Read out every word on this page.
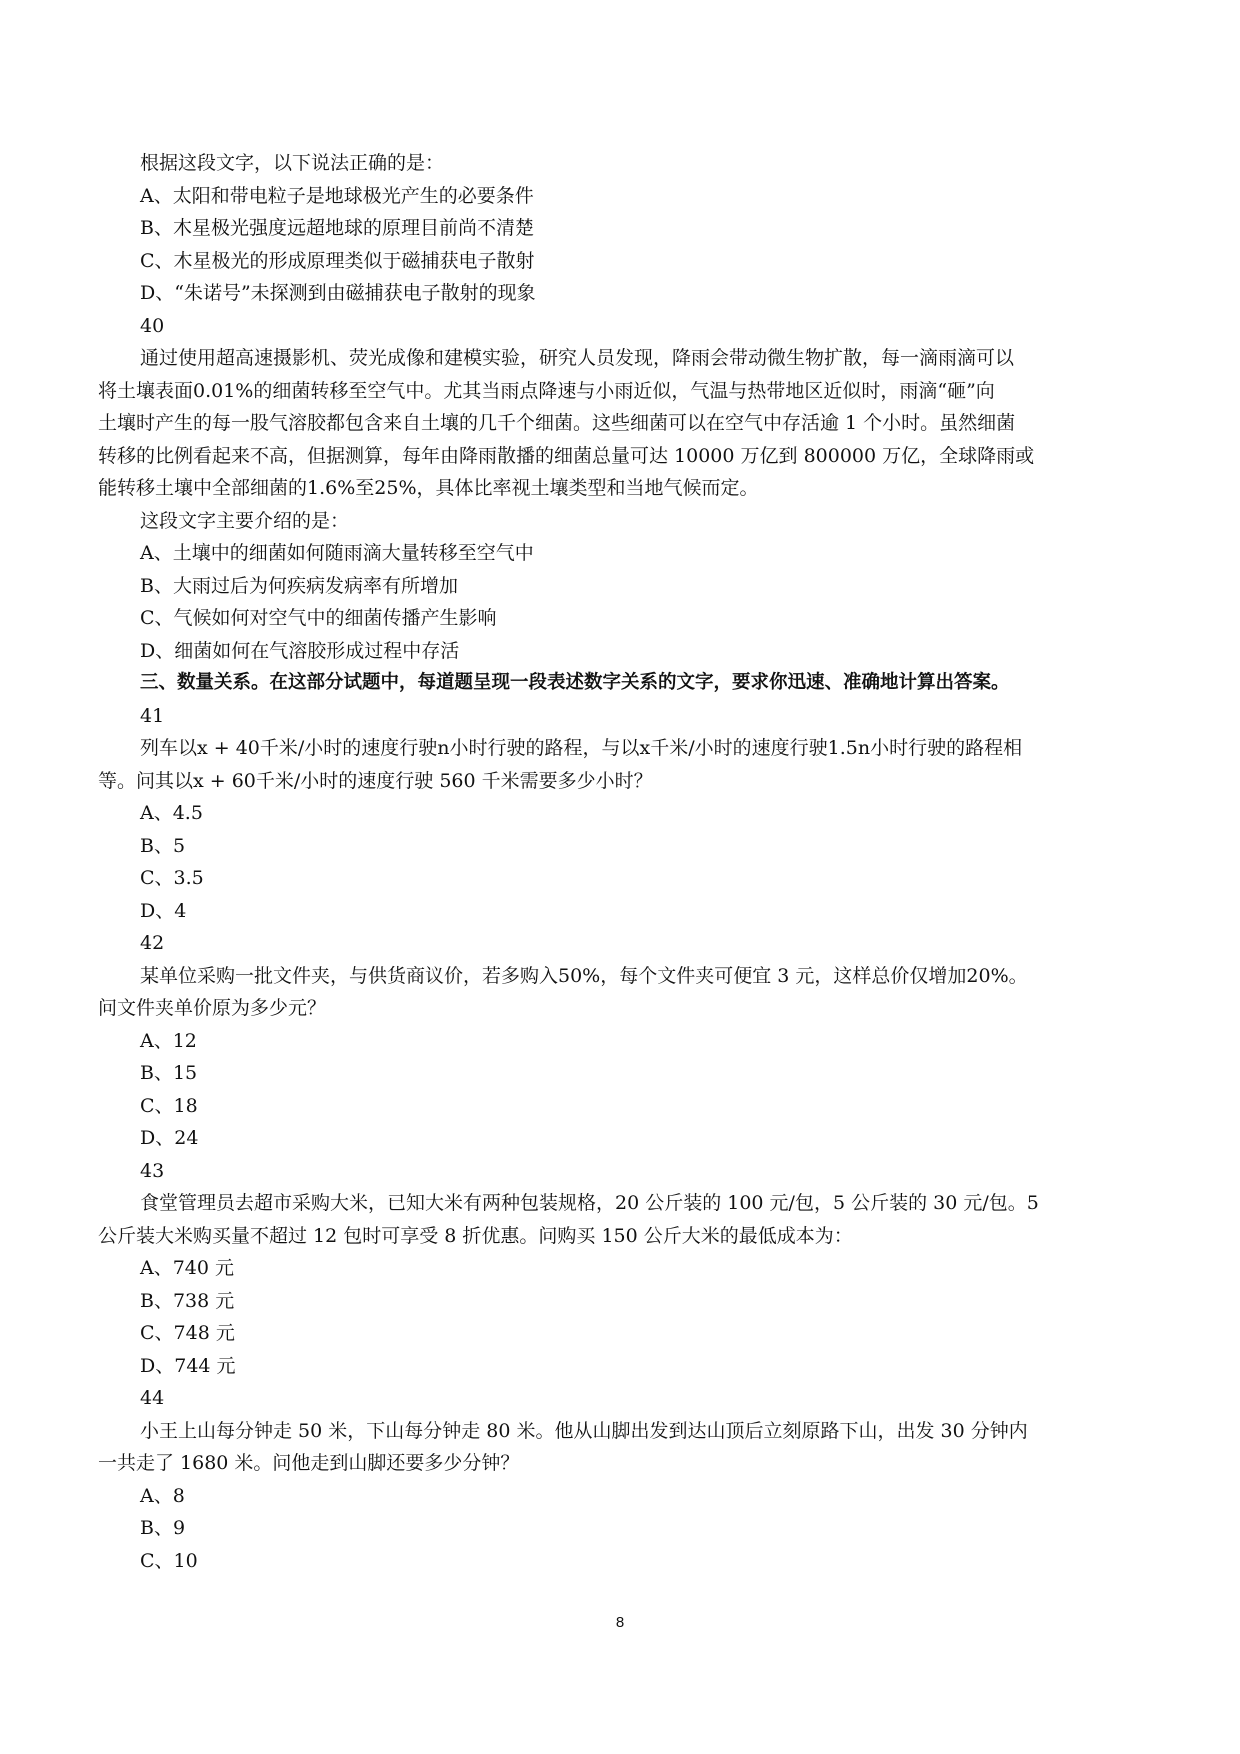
根据这段文字，以下说法正确的是：
A、太阳和带电粒子是地球极光产生的必要条件
B、木星极光强度远超地球的原理目前尚不清楚
C、木星极光的形成原理类似于磁捕获电子散射
D、“朱诺号”未探测到由磁捕获电子散射的现象
40
通过使用超高速摄影机、荧光成像和建模实验，研究人员发现，降雨会带动微生物扩散，每一滴雨滴可以
将土壤表面0.01%的细菌转移至空气中。尤其当雨点降速与小雨近似，气温与热带地区近似时，雨滴“砸”向
土壤时产生的每一股气溶胶都包含来自土壤的几千个细菌。这些细菌可以在空气中存活逾 1 个小时。虽然细菌
转移的比例看起来不高，但据测算，每年由降雨散播的细菌总量可达 10000 万亿到 800000 万亿，全球降雨或
能转移土壤中全部细菌的1.6%至25%，具体比率视土壤类型和当地气候而定。
这段文字主要介绍的是：
A、土壤中的细菌如何随雨滴大量转移至空气中
B、大雨过后为何疾病发病率有所增加
C、气候如何对空气中的细菌传播产生影响
D、细菌如何在气溶胶形成过程中存活
三、数量关系。在这部分试题中，每道题呈现一段表述数字关系的文字，要求你迅速、准确地计算出答案。
41
列车以x + 40千米/小时的速度行驶n小时行驶的路程，与以x千米/小时的速度行驶1.5n小时行驶的路程相
等。问其以x + 60千米/小时的速度行驶 560 千米需要多少小时？
A、4.5
B、5
C、3.5
D、4
42
某单位采购一批文件夹，与供货商议价，若多购入50%，每个文件夹可便宜 3 元，这样总价仅增加20%。
问文件夹单价原为多少元？
A、12
B、15
C、18
D、24
43
食堂管理员去超市采购大米，已知大米有两种包装规格，20 公斤装的 100 元/包，5 公斤装的 30 元/包。5
公斤装大米购买量不超过 12 包时可享受 8 折优惠。问购买 150 公斤大米的最低成本为：
A、740 元
B、738 元
C、748 元
D、744 元
44
小王上山每分钟走 50 米，下山每分钟走 80 米。他从山脚出发到达山顶后立刻原路下山，出发 30 分钟内
一共走了 1680 米。问他走到山脚还要多少分钟？
A、8
B、9
C、10
8
